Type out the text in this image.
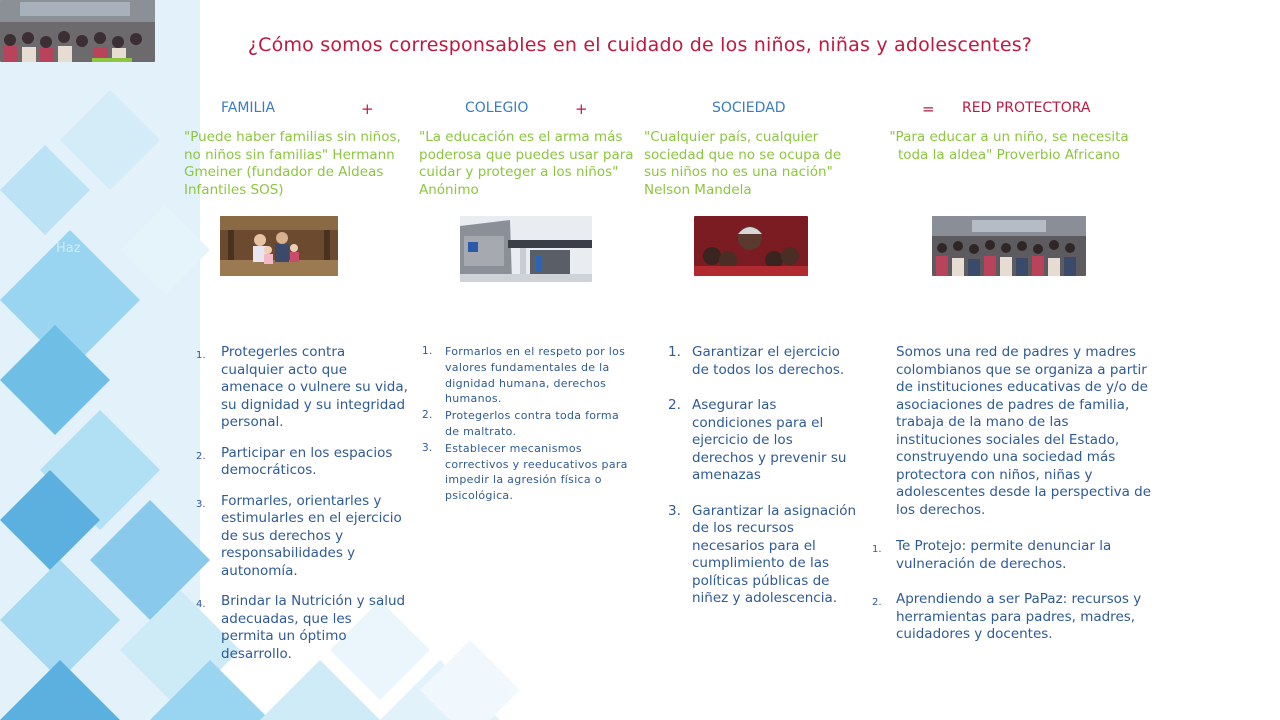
¿Cómo somos corresponsables en el cuidado de los niños, niñas y adolescentes?
FAMILIA	+	COLEGIO	+	SOCIEDAD	= RED PROTECTORA
"Puede haber familias sin niños, no niños sin familias" Hermann Gmeiner (fundador de Aldeas Infantiles SOS)
"La educación es el arma más poderosa que puedes usar para cuidar y proteger a los niños" Anónimo
"Cualquier país, cualquier sociedad que no se ocupa de sus niños no es una nación" Nelson Mandela
"Para educar a un niño, se necesita toda la aldea" Proverbio Africano
Haz
1. Protegerles contra cualquier acto que amenace o vulnere su vida, su dignidad y su integridad personal.
2. Participar en los espacios democráticos.
3. Formarles, orientarles y estimularles en el ejercicio de sus derechos y responsabilidades y autonomía.
4. Brindar la Nutrición y salud adecuadas, que les permita un óptimo desarrollo.
1. Formarlos en el respeto por los valores fundamentales de la dignidad humana, derechos humanos.
2. Protegerlos contra toda forma de maltrato.
3. Establecer mecanismos correctivos y reeducativos para impedir la agresión física o psicológica.
1. Garantizar el ejercicio de todos los derechos.
2. Asegurar las condiciones para el ejercicio de los derechos y prevenir su amenazas
3. Garantizar la asignación de los recursos necesarios para el cumplimiento de las políticas públicas de niñez y adolescencia.
Somos una red de padres y madres colombianos que se organiza a partir de instituciones educativas de y/o de asociaciones de padres de familia, trabaja de la mano de las instituciones sociales del Estado, construyendo una sociedad más protectora con niños, niñas y adolescentes desde la perspectiva de los derechos.
1. Te Protejo: permite denunciar la vulneración de derechos.
2. Aprendiendo a ser PaPaz: recursos y herramientas para padres, madres, cuidadores y docentes.
